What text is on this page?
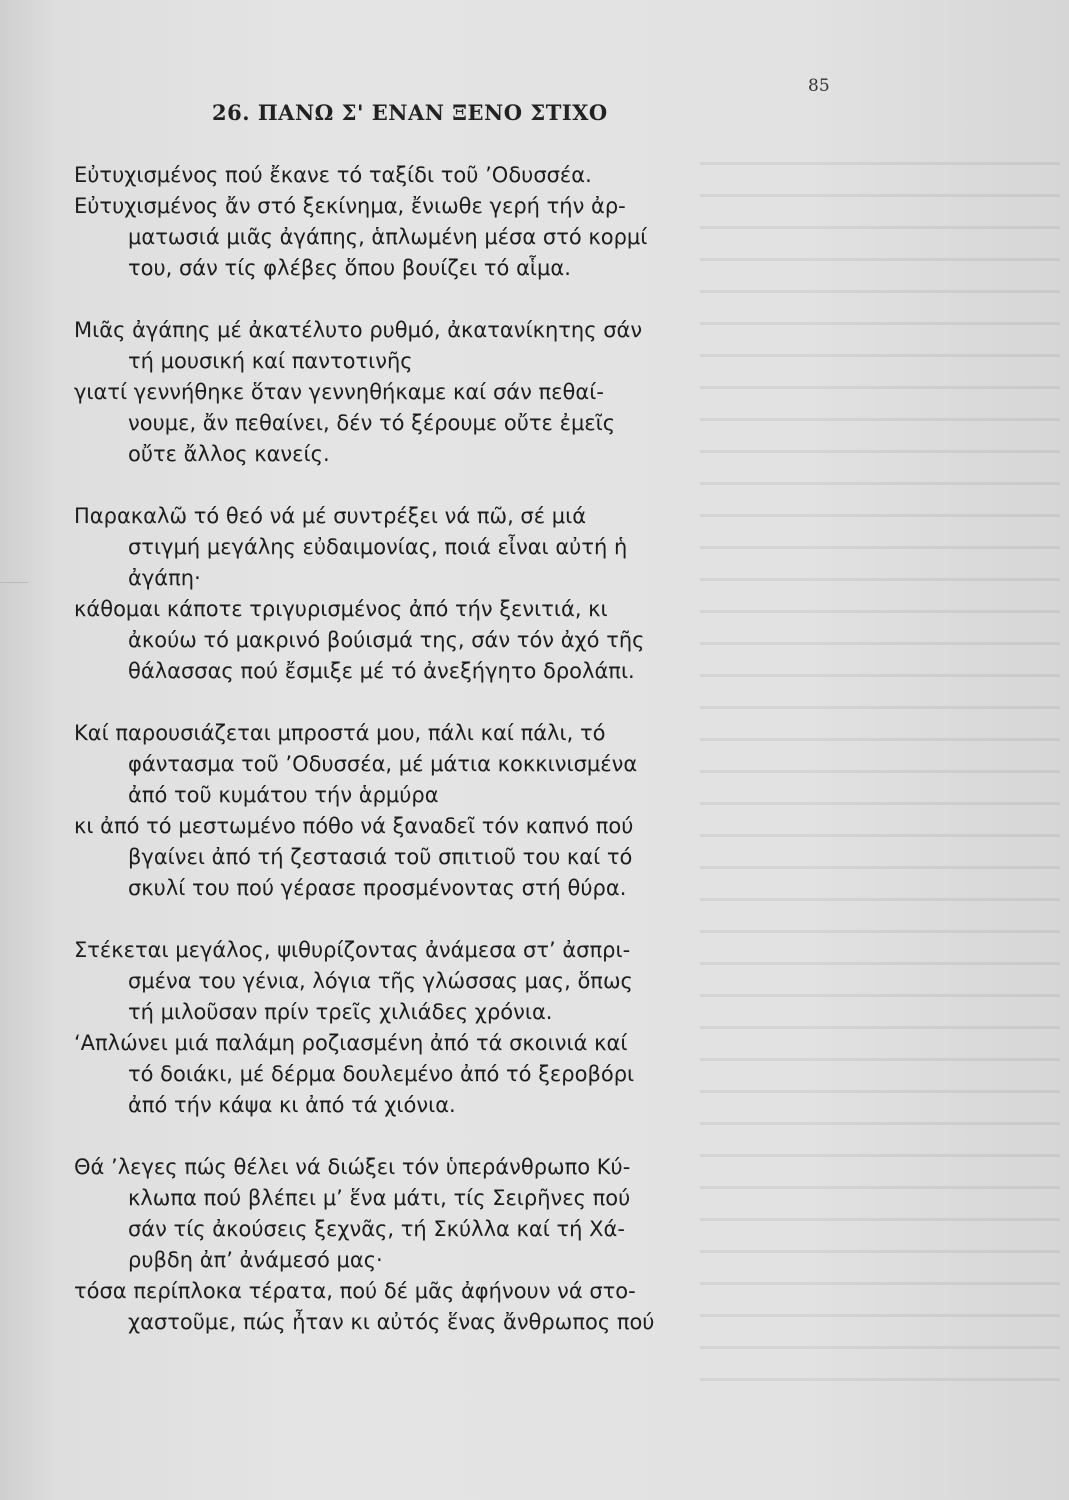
85
26. ΠΑΝΩ Σ' ΕΝΑΝ ΞΕΝΟ ΣΤΙΧΟ
Εὐτυχισμένος πού ἔκανε τό ταξίδι τοῦ ’Οδυσσέα.
Εὐτυχισμένος ἄν στό ξεκίνημα, ἔνιωθε γερή τήν ἀρ-
ματωσιά μιᾶς ἀγάπης, ἁπλωμένη μέσα στό κορμί
του, σάν τίς φλέβες ὅπου βουίζει τό αἷμα.
Μιᾶς ἀγάπης μέ ἀκατέλυτο ρυθμό, ἀκατανίκητης σάν
τή μουσική καί παντοτινῆς
γιατί γεννήθηκε ὅταν γεννηθήκαμε καί σάν πεθαί-
νουμε, ἄν πεθαίνει, δέν τό ξέρουμε οὔτε ἐμεῖς
οὔτε ἄλλος κανείς.
Παρακαλῶ τό θεό νά μέ συντρέξει νά πῶ, σέ μιά
στιγμή μεγάλης εὐδαιμονίας, ποιά εἶναι αὐτή ἡ
ἀγάπη·
κάθομαι κάποτε τριγυρισμένος ἀπό τήν ξενιτιά, κι
ἀκούω τό μακρινό βούισμά της, σάν τόν ἀχό τῆς
θάλασσας πού ἔσμιξε μέ τό ἀνεξήγητο δρολάπι.
Καί παρουσιάζεται μπροστά μου, πάλι καί πάλι, τό
φάντασμα τοῦ ’Οδυσσέα, μέ μάτια κοκκινισμένα
ἀπό τοῦ κυμάτου τήν ἁρμύρα
κι ἀπό τό μεστωμένο πόθο νά ξαναδεῖ τόν καπνό πού
βγαίνει ἀπό τή ζεστασιά τοῦ σπιτιοῦ του καί τό
σκυλί του πού γέρασε προσμένοντας στή θύρα.
Στέκεται μεγάλος, ψιθυρίζοντας ἀνάμεσα στ’ ἀσπρι-
σμένα του γένια, λόγια τῆς γλώσσας μας, ὅπως
τή μιλοῦσαν πρίν τρεῖς χιλιάδες χρόνια.
‘Απλώνει μιά παλάμη ροζιασμένη ἀπό τά σκοινιά καί
τό δοιάκι, μέ δέρμα δουλεμένο ἀπό τό ξεροβόρι
ἀπό τήν κάψα κι ἀπό τά χιόνια.
Θά ’λεγες πώς θέλει νά διώξει τόν ὑπεράνθρωπο Κύ-
κλωπα πού βλέπει μ’ ἕνα μάτι, τίς Σειρῆνες πού
σάν τίς ἀκούσεις ξεχνᾶς, τή Σκύλλα καί τή Χά-
ρυβδη ἀπ’ ἀνάμεσό μας·
τόσα περίπλοκα τέρατα, πού δέ μᾶς ἀφήνουν νά στο-
χαστοῦμε, πώς ἦταν κι αὐτός ἕνας ἄνθρωπος πού
